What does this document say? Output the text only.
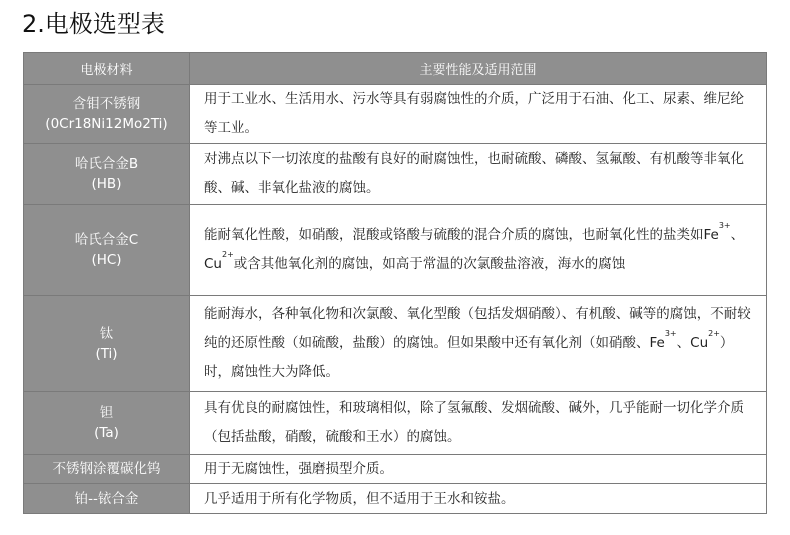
2.电极选型表
电极材料	主要性能及适用范围

含钼不锈钢
(0Cr18Ni12Mo2Ti)	用于工业水、生活用水、污水等具有弱腐蚀性的介质，广泛用于石油、化工、尿素、维尼纶等工业。

哈氏合金B
(HB)	对沸点以下一切浓度的盐酸有良好的耐腐蚀性，也耐硫酸、磷酸、氢氟酸、有机酸等非氧化酸、碱、非氧化盐液的腐蚀。

哈氏合金C
(HC)	能耐氧化性酸，如硝酸，混酸或铬酸与硫酸的混合介质的腐蚀，也耐氧化性的盐类如$Fe^{3+}$、$Cu^{2+}$或含其他氧化剂的腐蚀，如高于常温的次氯酸盐溶液，海水的腐蚀

钛
(Ti)	能耐海水，各种氧化物和次氯酸、氧化型酸（包括发烟硝酸）、有机酸、碱等的腐蚀，不耐较纯的还原性酸（如硫酸，盐酸）的腐蚀。但如果酸中还有氧化剂（如硝酸、$Fe^{3+}$、$Cu^{2+}$）时，腐蚀性大为降低。

钽
(Ta)	具有优良的耐腐蚀性，和玻璃相似，除了氢氟酸、发烟硫酸、碱外，几乎能耐一切化学介质（包括盐酸，硝酸，硫酸和王水）的腐蚀。

不锈钢涂覆碳化钨	用于无腐蚀性，强磨损型介质。

铂--铱合金	几乎适用于所有化学物质，但不适用于王水和铵盐。
